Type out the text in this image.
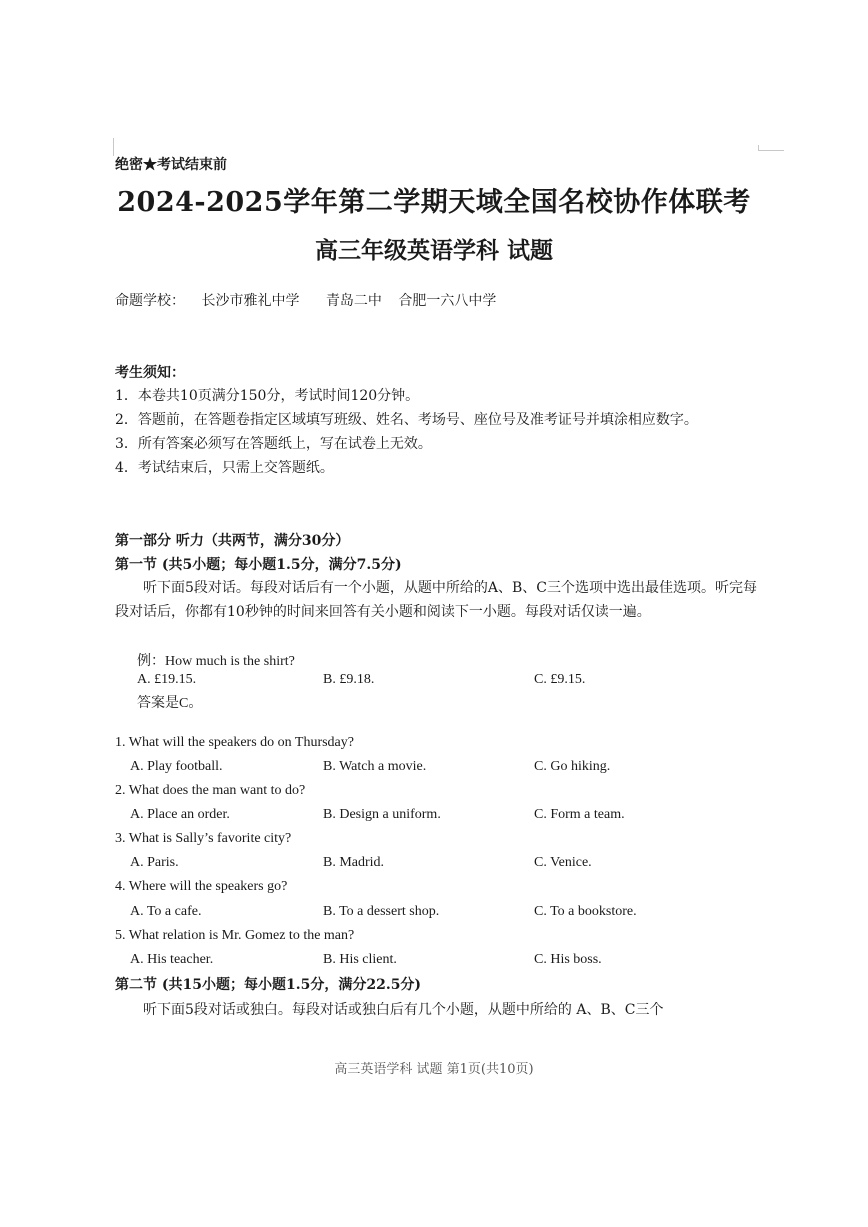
绝密★考试结束前
2024-2025学年第二学期天域全国名校协作体联考
高三年级英语学科 试题
命题学校： 长沙市雅礼中学 青岛二中 合肥一六八中学
考生须知：

1．本卷共10页满分150分，考试时间120分钟。

2．答题前，在答题卷指定区域填写班级、姓名、考场号、座位号及准考证号并填涂相应数字。

3．所有答案必须写在答题纸上，写在试卷上无效。

4．考试结束后，只需上交答题纸。

第一部分 听力（共两节，满分30分）
第一节 (共5小题；每小题1.5分，满分7.5分)
听下面5段对话。每段对话后有一个小题，从题中所给的A、B、C三个选项中选出最佳选项。听完每段对话后，你都有10秒钟的时间来回答有关小题和阅读下一小题。每段对话仅读一遍。
例：How much is the shirt?
A. £19.15.	B. £9.18.	C. £9.15.
答案是C。
1. What will the speakers do on Thursday?
A. Play football.	B. Watch a movie.	C. Go hiking.
2. What does the man want to do?
A. Place an order.	B. Design a uniform.	C. Form a team.
3. What is Sally’s favorite city?
A. Paris.	B. Madrid.	C. Venice.
4. Where will the speakers go?
A. To a cafe.	B. To a dessert shop.	C. To a bookstore.
5. What relation is Mr. Gomez to the man?
A. His teacher.	B. His client.	C. His boss.
第二节 (共15小题；每小题1.5分，满分22.5分)
听下面5段对话或独白。每段对话或独白后有几个小题，从题中所给的 A、B、C三个
高三英语学科 试题 第1页(共10页)
